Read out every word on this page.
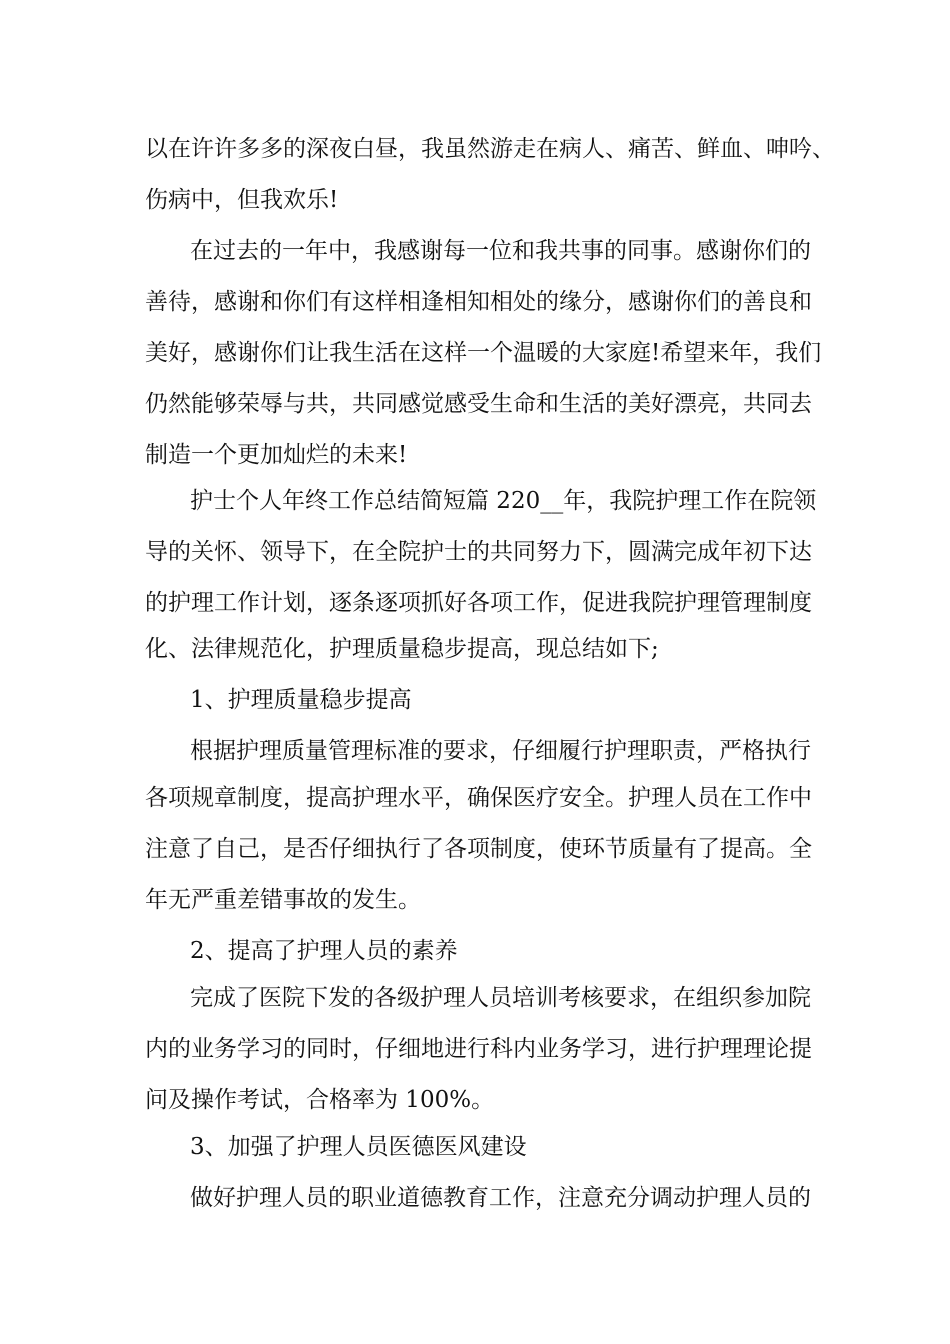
以在许许多多的深夜白昼，我虽然游走在病人、痛苦、鲜血、呻吟、
伤病中，但我欢乐!
在过去的一年中，我感谢每一位和我共事的同事。感谢你们的
善待，感谢和你们有这样相逢相知相处的缘分，感谢你们的善良和
美好，感谢你们让我生活在这样一个温暖的大家庭!希望来年，我们
仍然能够荣辱与共，共同感觉感受生命和生活的美好漂亮，共同去
制造一个更加灿烂的未来!
护士个人年终工作总结简短篇 220__年，我院护理工作在院领
导的关怀、领导下，在全院护士的共同努力下，圆满完成年初下达
的护理工作计划，逐条逐项抓好各项工作，促进我院护理管理制度
化、法律规范化，护理质量稳步提高，现总结如下;
1、护理质量稳步提高
根据护理质量管理标准的要求，仔细履行护理职责，严格执行
各项规章制度，提高护理水平，确保医疗安全。护理人员在工作中
注意了自己，是否仔细执行了各项制度，使环节质量有了提高。全
年无严重差错事故的发生。
2、提高了护理人员的素养
完成了医院下发的各级护理人员培训考核要求，在组织参加院
内的业务学习的同时，仔细地进行科内业务学习，进行护理理论提
问及操作考试，合格率为 100%。
3、加强了护理人员医德医风建设
做好护理人员的职业道德教育工作，注意充分调动护理人员的
